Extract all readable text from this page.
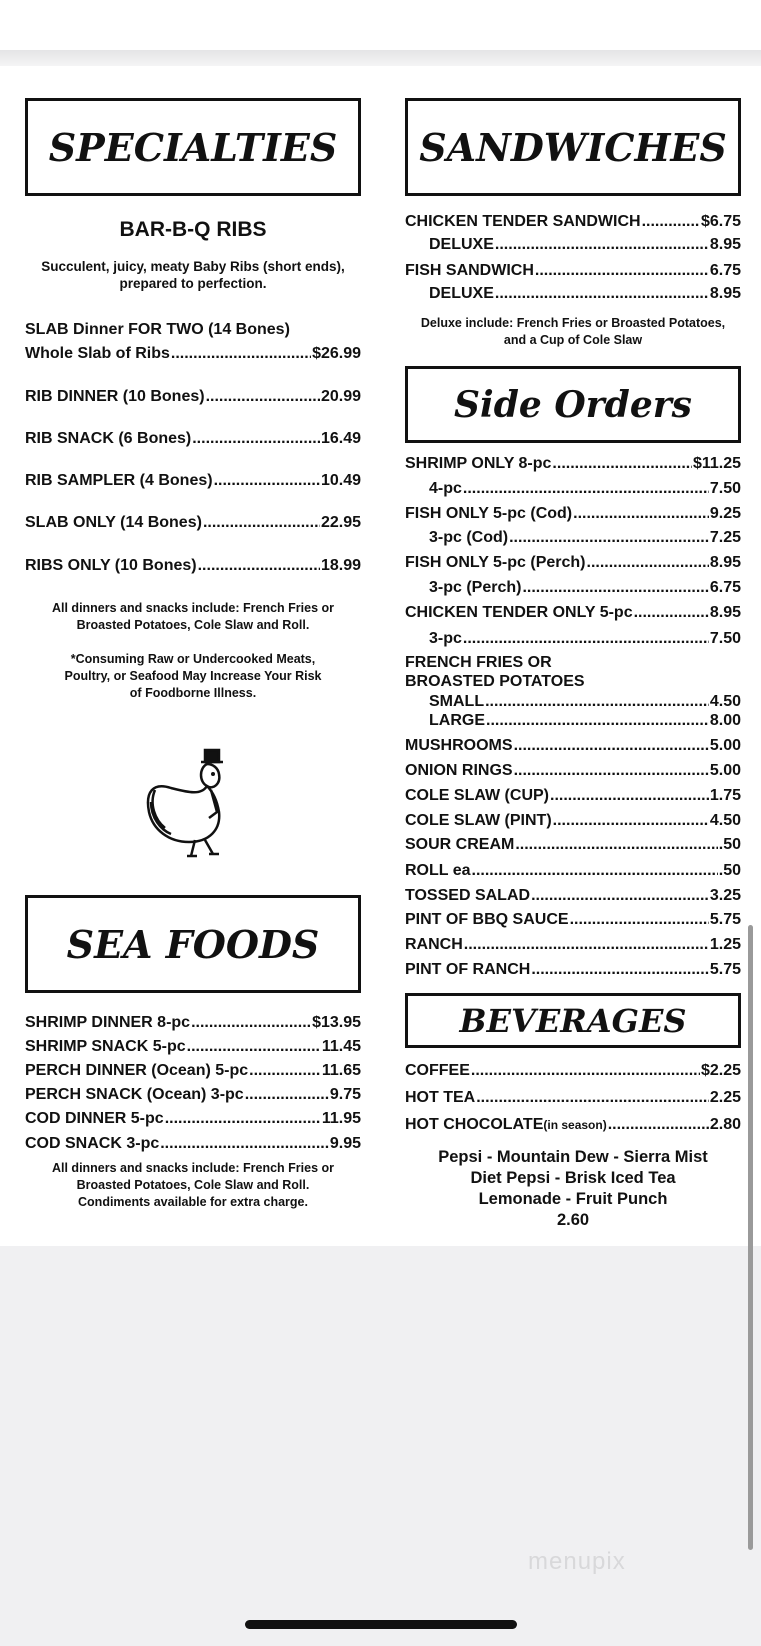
SPECIALTIES	SANDWICHES
Side Orders
SEA FOODS
BEVERAGES
BAR-B-Q RIBS
Succulent, juicy, meaty Baby Ribs (short ends),
prepared to perfection.
SLAB Dinner FOR TWO (14 Bones)
All dinners and snacks include: French Fries or
Broasted Potatoes, Cole Slaw and Roll.
*Consuming Raw or Undercooked Meats,
Poultry, or Seafood May Increase Your Risk
of Foodborne Illness.
All dinners and snacks include: French Fries or
Broasted Potatoes, Cole Slaw and Roll.
Condiments available for extra charge.
Deluxe include: French Fries or Broasted Potatoes,
and a Cup of Cole Slaw
FRENCH FRIES OR
BROASTED POTATOES
Pepsi - Mountain Dew - Sierra Mist
Diet Pepsi - Brisk Iced Tea
Lemonade - Fruit Punch
2.60
Whole Slab of Ribs .....	$26.99
RIB DINNER (10 Bones) .....	20.99
RIB SNACK (6 Bones) .....	16.49
RIB SAMPLER (4 Bones) .....	10.49
SLAB ONLY (14 Bones) .....	22.95
RIBS ONLY (10 Bones) .....	18.99
SHRIMP DINNER 8-pc .....	$13.95
SHRIMP SNACK 5-pc .....	11.45
PERCH DINNER (Ocean) 5-pc .....	11.65
PERCH SNACK (Ocean) 3-pc .....	9.75
COD DINNER 5-pc .....	11.95
COD SNACK 3-pc .....	9.95
CHICKEN TENDER SANDWICH .....	$6.75
DELUXE .....	8.95
FISH SANDWICH .....	6.75
DELUXE .....	8.95
SHRIMP ONLY 8-pc .....	$11.25
4-pc .....	7.50
FISH ONLY 5-pc (Cod) .....	9.25
3-pc (Cod) .....	7.25
FISH ONLY 5-pc (Perch) .....	8.95
3-pc (Perch) .....	6.75
CHICKEN TENDER ONLY 5-pc .....	8.95
3-pc .....	7.50
SMALL .....	4.50
LARGE .....	8.00
MUSHROOMS .....	5.00
ONION RINGS .....	5.00
COLE SLAW (CUP) .....	1.75
COLE SLAW (PINT) .....	4.50
SOUR CREAM .....	.50
ROLL ea .....	.50
TOSSED SALAD .....	3.25
PINT OF BBQ SAUCE .....	5.75
RANCH .....	1.25
PINT OF RANCH .....	5.75
COFFEE .....	$2.25
HOT TEA .....	2.25
HOT CHOCOLATE (in season) .....	2.80
menupix
